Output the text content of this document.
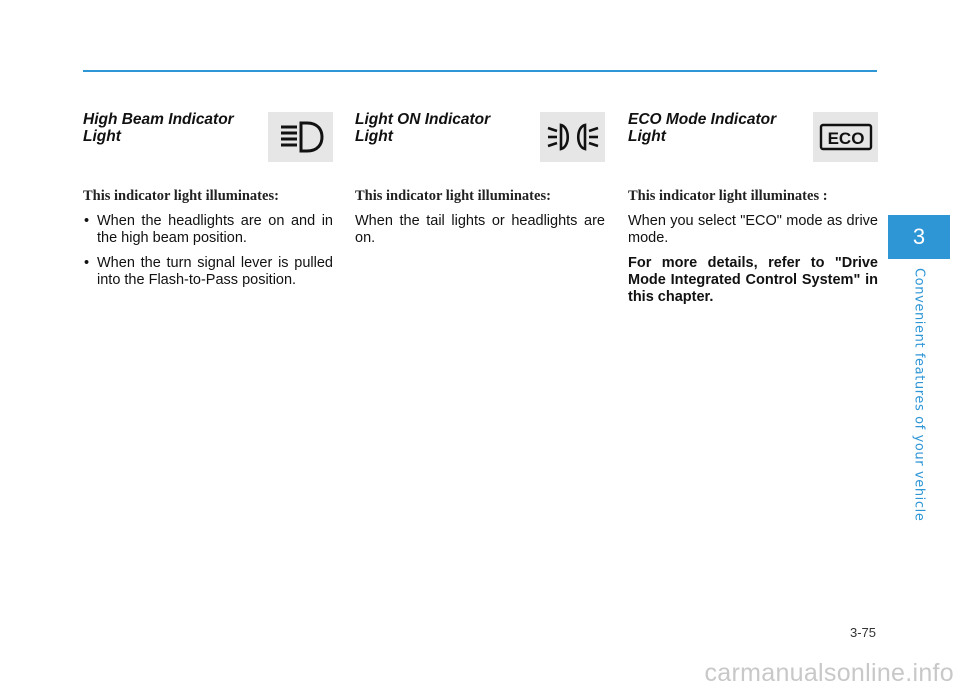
High Beam Indicator Light

This indicator light illuminates:

• When the headlights are on and in the high beam position.
• When the turn signal lever is pulled into the Flash-to-Pass position.
Light ON Indicator Light

This indicator light illuminates:

When the tail lights or headlights are on.

ECO Mode Indicator Light	ECO

This indicator light illuminates :

When you select "ECO" mode as drive mode.

For more details, refer to "Drive Mode Integrated Control System" in this chapter.

3
Convenient features of your vehicle
3-75
carmanualsonline.info
